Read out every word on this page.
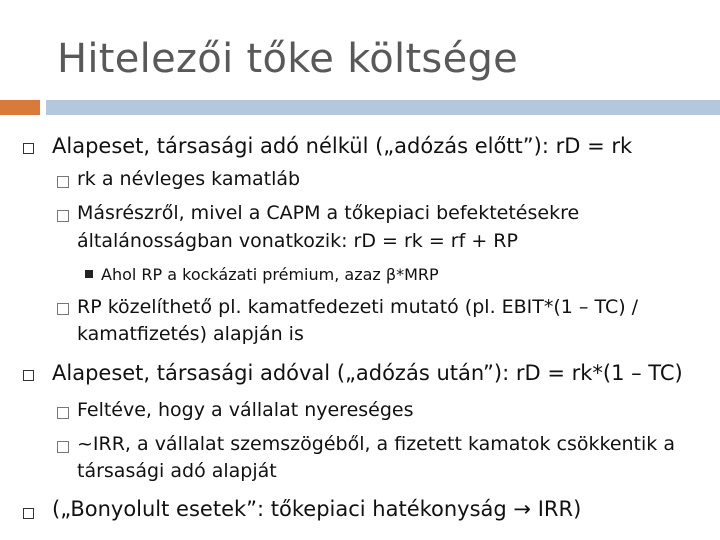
Hitelezői tőke költsége
Alapeset, társasági adó nélkül („adózás előtt”): rD = rk
rk a névleges kamatláb
Másrészről, mivel a CAPM a tőkepiaci befektetésekre
általánosságban vonatkozik: rD = rk = rf + RP
Ahol RP a kockázati prémium, azaz β*MRP
RP közelíthető pl. kamatfedezeti mutató (pl. EBIT*(1 – TC) /
kamatfizetés) alapján is
Alapeset, társasági adóval („adózás után”): rD = rk*(1 – TC)
Feltéve, hogy a vállalat nyereséges
~IRR, a vállalat szemszögéből, a fizetett kamatok csökkentik a
társasági adó alapját
(„Bonyolult esetek”: tőkepiaci hatékonyság → IRR)
